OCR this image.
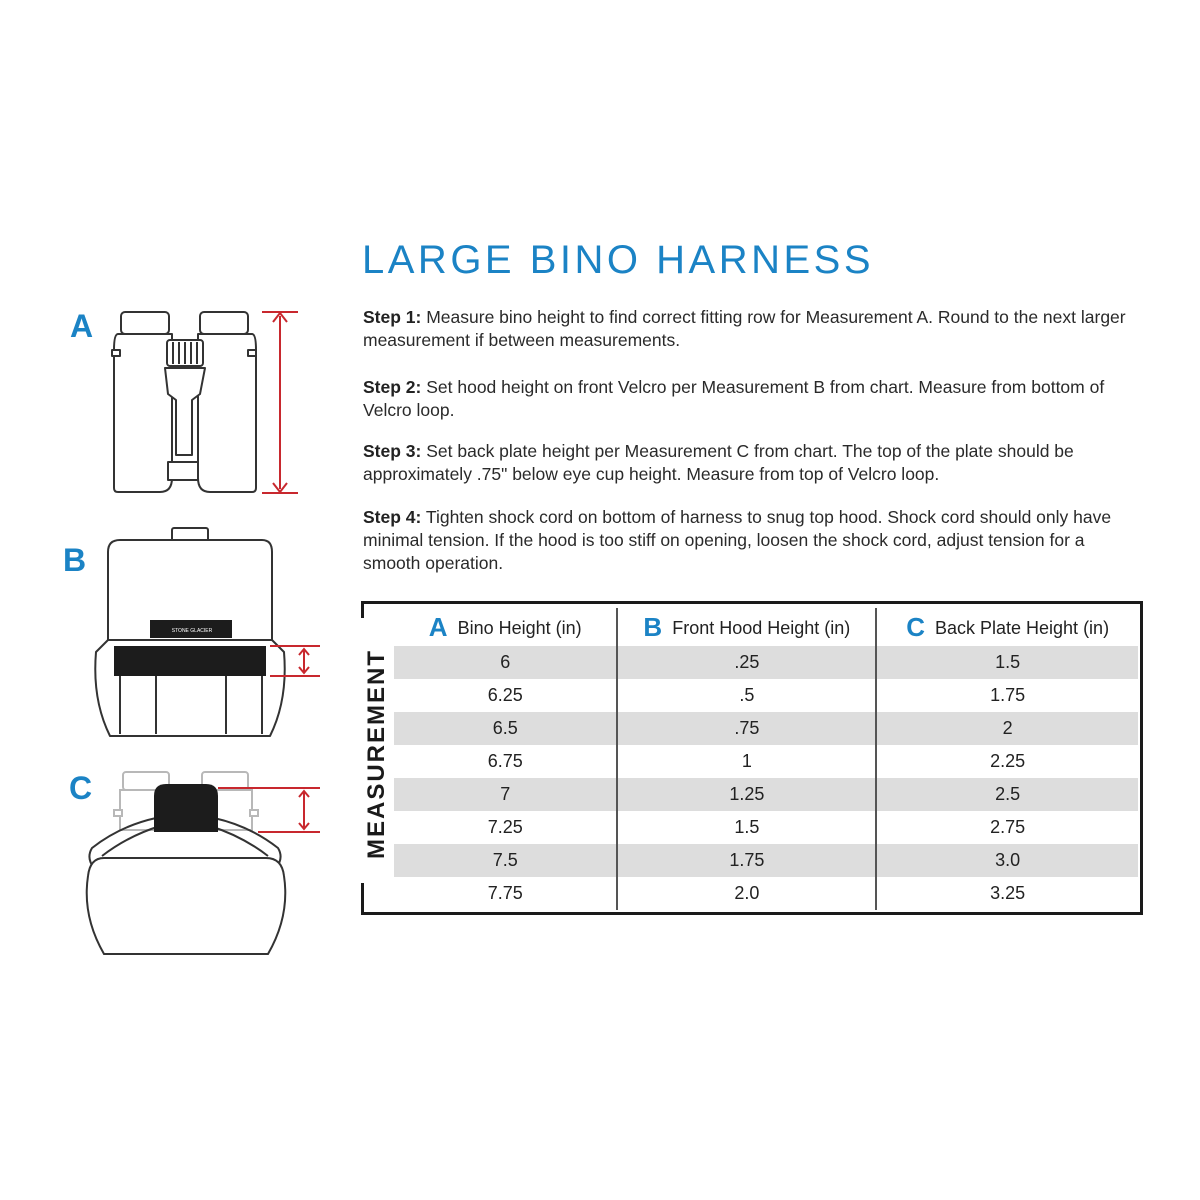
LARGE BINO HARNESS

Step 1: Measure bino height to find correct fitting row for Measurement A. Round to the next larger measurement if between measurements.

Step 2: Set hood height on front Velcro per Measurement B from chart. Measure from bottom of Velcro loop.

Step 3: Set back plate height per Measurement C from chart. The top of the plate should be approximately .75" below eye cup height. Measure from top of Velcro loop.

Step 4: Tighten shock cord on bottom of harness to snug top hood. Shock cord should only have minimal tension. If the hood is too stiff on opening, loosen the shock cord, adjust tension for a smooth operation.

A
B
C
STONE GLACIER
MEASUREMENT
A Bino Height (in)	B Front Hood Height (in)	C Back Plate Height (in)
6	.25	1.5
6.25	.5	1.75
6.5	.75	2
6.75	1	2.25
7	1.25	2.5
7.25	1.5	2.75
7.5	1.75	3.0
7.75	2.0	3.25
